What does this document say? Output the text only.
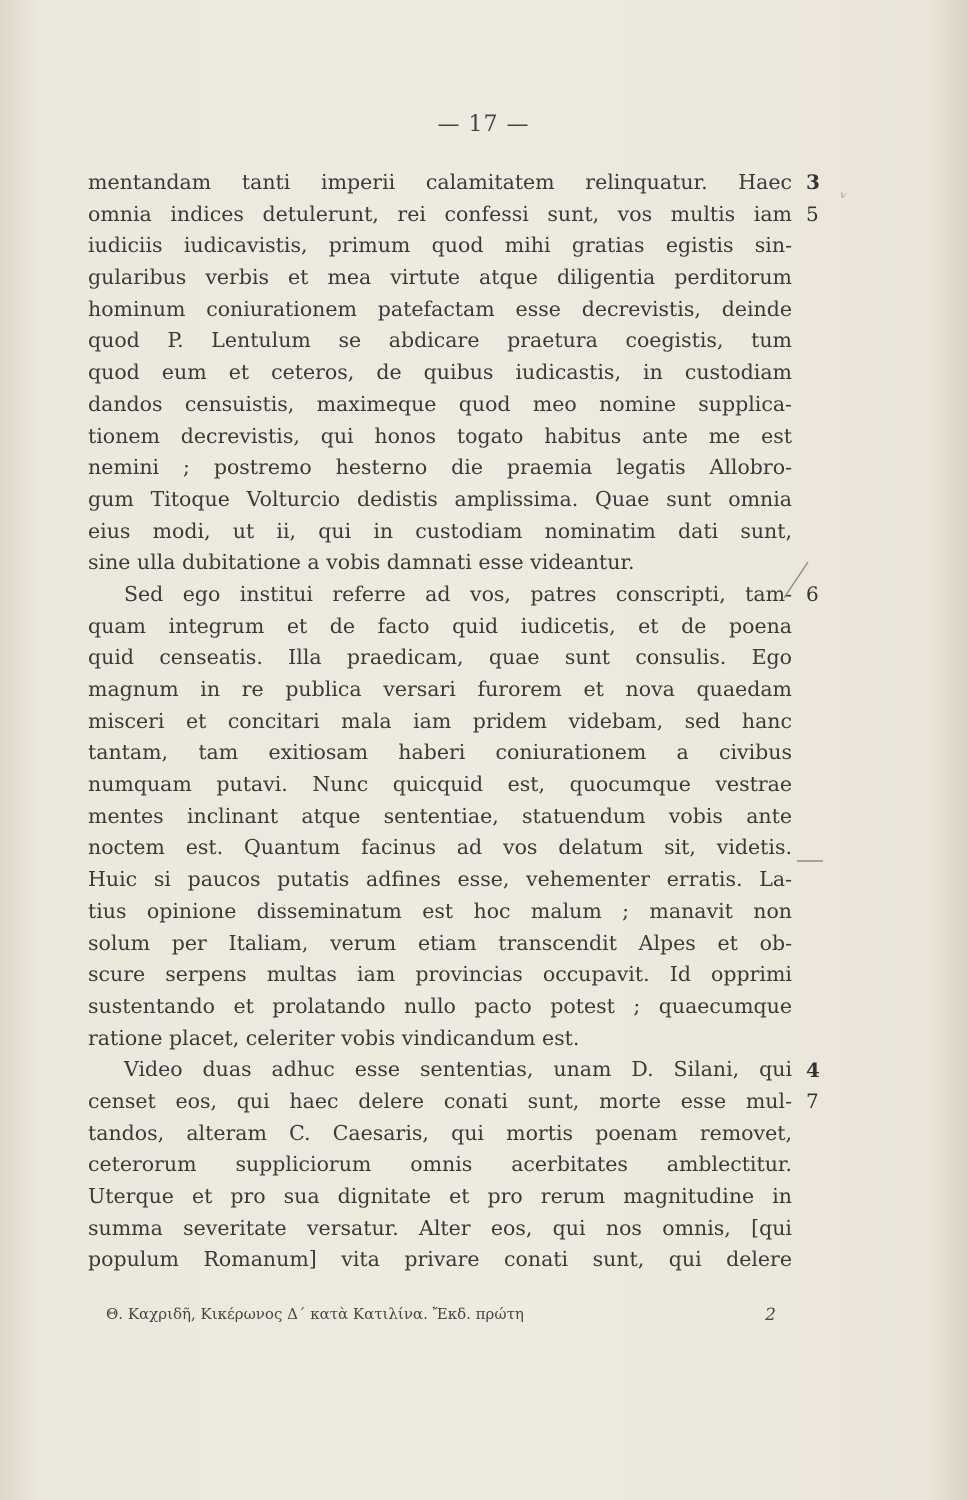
— 17 —
mentandam tanti imperii calamitatem relinquatur. Haec
omnia indices detulerunt, rei confessi sunt, vos multis iam
iudiciis iudicavistis, primum quod mihi gratias egistis sin-
gularibus verbis et mea virtute atque diligentia perditorum
hominum coniurationem patefactam esse decrevistis, deinde
quod P. Lentulum se abdicare praetura coegistis, tum
quod eum et ceteros, de quibus iudicastis, in custodiam
dandos censuistis, maximeque quod meo nomine supplica-
tionem decrevistis, qui honos togato habitus ante me est
nemini ; postremo hesterno die praemia legatis Allobro-
gum Titoque Volturcio dedistis amplissima. Quae sunt omnia
eius modi, ut ii, qui in custodiam nominatim dati sunt,
sine ulla dubitatione a vobis damnati esse videantur.
Sed ego institui referre ad vos, patres conscripti, tam-
quam integrum et de facto quid iudicetis, et de poena
quid censeatis. Illa praedicam, quae sunt consulis. Ego
magnum in re publica versari furorem et nova quaedam
misceri et concitari mala iam pridem videbam, sed hanc
tantam, tam exitiosam haberi coniurationem a civibus
numquam putavi. Nunc quicquid est, quocumque vestrae
mentes inclinant atque sententiae, statuendum vobis ante
noctem est. Quantum facinus ad vos delatum sit, videtis.
Huic si paucos putatis adfines esse, vehementer erratis. La-
tius opinione disseminatum est hoc malum ; manavit non
solum per Italiam, verum etiam transcendit Alpes et ob-
scure serpens multas iam provincias occupavit. Id opprimi
sustentando et prolatando nullo pacto potest ; quaecumque
ratione placet, celeriter vobis vindicandum est.
Video duas adhuc esse sententias, unam D. Silani, qui
censet eos, qui haec delere conati sunt, morte esse mul-
tandos, alteram C. Caesaris, qui mortis poenam removet,
ceterorum suppliciorum omnis acerbitates amblectitur.
Uterque et pro sua dignitate et pro rerum magnitudine in
summa severitate versatur. Alter eos, qui nos omnis, [qui
populum Romanum] vita privare conati sunt, qui delere
3
5
6
4
7
ᵛ
Θ. Καχριδῆ, Κικέρωνος Δ´ κατὰ Κατιλίνα. Ἔκδ. πρώτη	2
